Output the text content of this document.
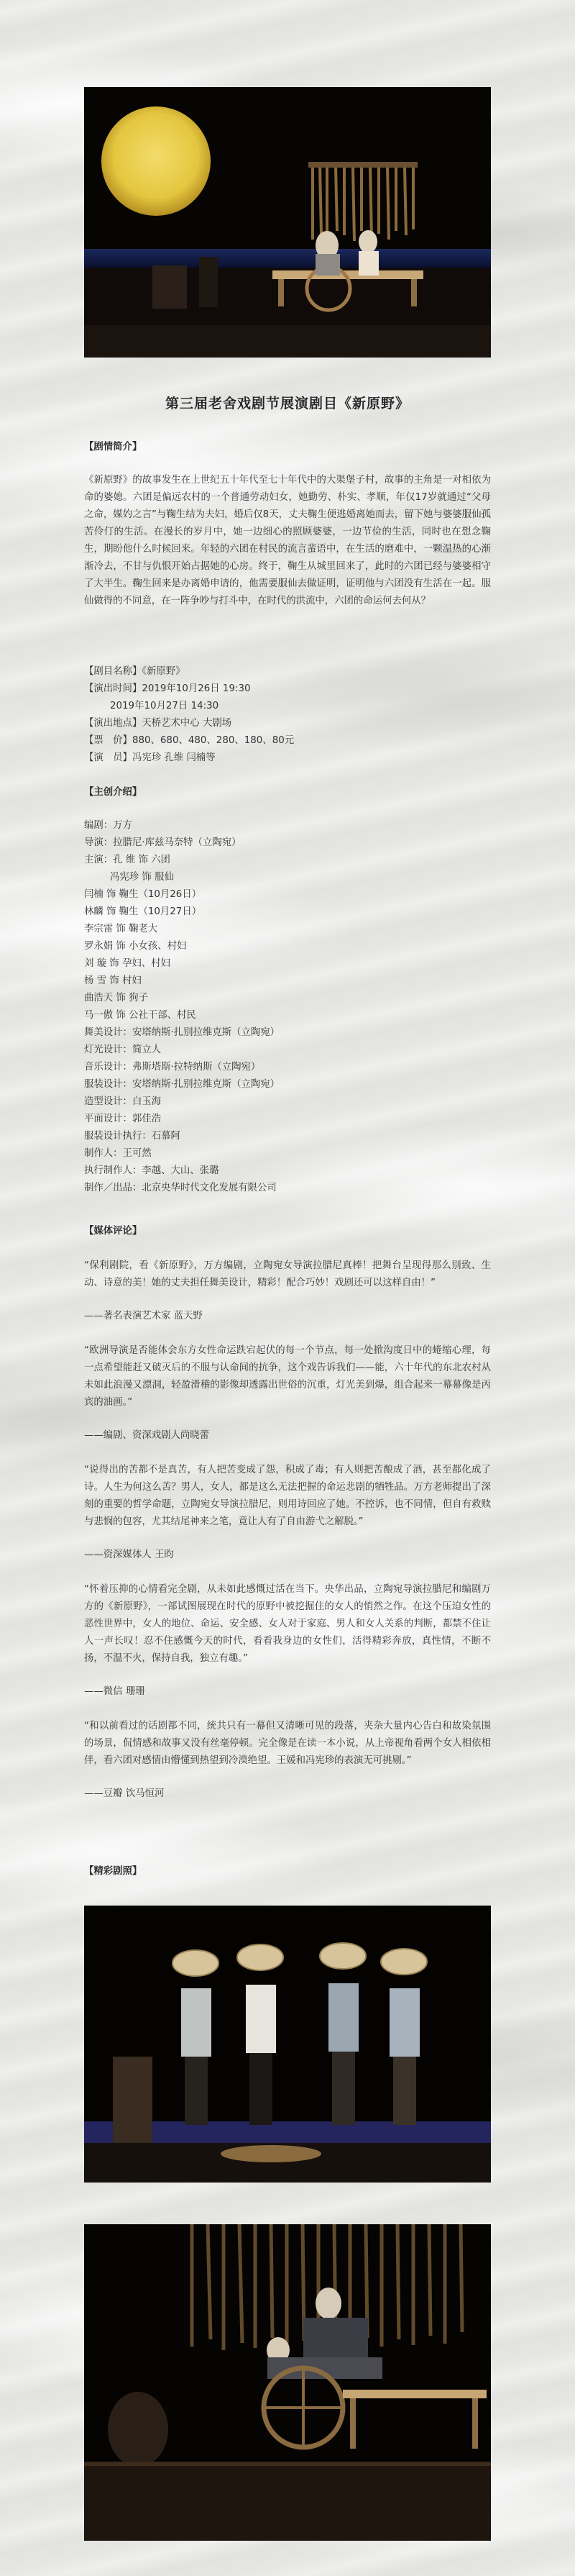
第三届老舍戏剧节展演剧目《新原野》

【剧情简介】

《新原野》的故事发生在上世纪五十年代至七十年代中的大渠堡子村，故事的主角是一对相依为命的婆媳。六团是偏远农村的一个普通劳动妇女，她勤劳、朴实、孝顺，年仅17岁就通过“父母之命，媒妁之言”与鞠生结为夫妇，婚后仅8天，丈夫鞠生便逃婚离她而去，留下她与婆婆服仙孤苦伶仃的生活。在漫长的岁月中，她一边细心的照顾婆婆，一边节俭的生活，同时也在想念鞠生，期盼他什么时候回来。年轻的六团在村民的流言蜚语中，在生活的磨难中，一颗温热的心渐渐冷去，不甘与仇恨开始占据她的心房。终于，鞠生从城里回来了，此时的六团已经与婆婆相守了大半生。鞠生回来是办离婚申请的，他需要服仙去做证明，证明他与六团没有生活在一起。服仙做得的不同意，在一阵争吵与打斗中，在时代的洪流中，六团的命运何去何从？

【剧目名称】《新原野》

【演出时间】2019年10月26日 19:30

2019年10月27日 14:30

【演出地点】天桥艺术中心 大剧场

【票　价】880、680、480、280、180、80元

【演　员】冯宪珍 孔维 闫楠等

【主创介绍】

编剧：万方

导演：拉腊尼·库兹马奈特（立陶宛）

主演：孔 维 饰 六团

冯宪珍 饰 服仙

闫楠 饰 鞠生（10月26日）

林麟 饰 鞠生（10月27日）

李宗雷 饰 鞠老大

罗永娟 饰 小女孩、村妇

刘 璇 饰 孕妇、村妇

杨 雪 饰 村妇

曲浩天 饰 狗子

马一傲 饰 公社干部、村民

舞美设计：安塔纳斯·扎别拉维克斯（立陶宛）

灯光设计：简立人

音乐设计：弗斯塔斯·拉特纳斯（立陶宛）

服装设计：安塔纳斯·扎别拉维克斯（立陶宛）

造型设计：白玉海

平面设计：郭佳浩

服装设计执行：石慕阿

制作人：王可然

执行制作人：李越、大山、张璐

制作／出品：北京央华时代文化发展有限公司

【媒体评论】

“保利剧院，看《新原野》，万方编剧，立陶宛女导演拉腊尼真棒！把舞台呈现得那么别致、生动、诗意的美！她的丈夫担任舞美设计，精彩！配合巧妙！戏剧还可以这样自由！”

——著名表演艺术家 蓝天野

“欧洲导演是否能体会东方女性命运跌宕起伏的每一个节点，每一处掀沟度日中的蜷缩心理，每一点希望能赶又破灭后的不服与认命间的抗争，这个戏告诉我们——能，六十年代的东北农村从未如此浪漫又漂洞，轻盈滑稽的影像却透露出世俗的沉重，灯光美到爆，组合起来一幕幕像是丙宾的油画。”

——编剧、资深戏剧人尚晓蕾

“说得出的苦都不是真苦，有人把苦变成了怨，积成了毒；有人则把苦酿成了酒，甚至都化成了诗。人生为何这么苦？男人，女人，都是这么无法把握的命运悲剧的牺牲品。万方老师提出了深刻的重要的哲学命题，立陶宛女导演拉腊尼，则用诗回应了她。不控诉，也不同情，但自有救赎与悲悯的包容，尤其结尾神来之笔，竟让人有了自由游弋之解脱。”

——资深媒体人 王昀

“怀着压抑的心情看完全剧，从未如此感慨过活在当下。央华出品，立陶宛导演拉腊尼和编剧万方的《新原野》，一部试图展现在时代的原野中被挖掘住的女人的悄然之作。在这个压迫女性的恶性世界中，女人的地位、命运、安全感、女人对于家庭、男人和女人关系的判断，都禁不住让人一声长叹！忍不住感慨今天的时代，看看我身边的女性们，活得精彩奔放，真性情，不断不扬，不温不火，保持自我，独立有趣。”

——微信 珊珊

“和以前看过的话剧都不同，统共只有一幕但又清晰可见的段落，夹杂大量内心告白和故染氛围的场景，侃情感和故事又没有丝毫停顿。完全像是在读一本小说，从上帝视角看两个女人相依相伴，看六团对感情由懵懂到热望到冷漠绝望。王媛和冯宪珍的表演无可挑剔。”

——豆瓣 饮马恒河

【精彩剧照】
